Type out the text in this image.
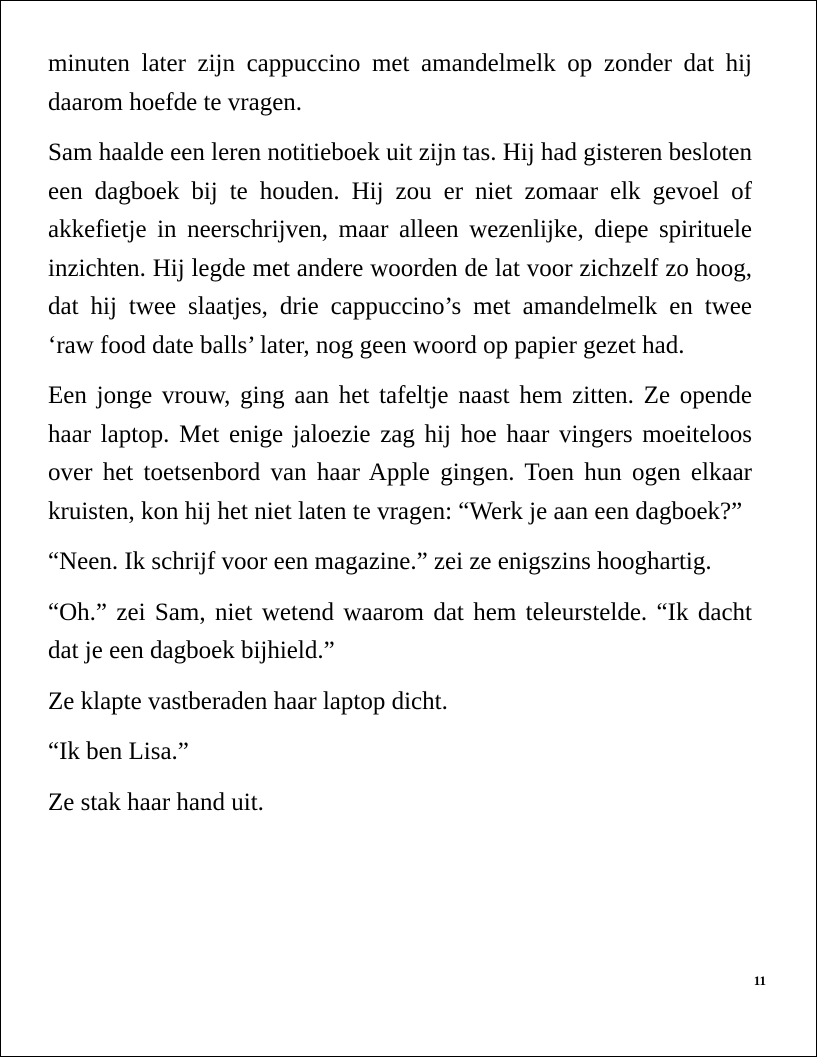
minuten later zijn cappuccino met amandelmelk op zonder dat hij daarom hoefde te vragen.

Sam haalde een leren notitieboek uit zijn tas. Hij had gisteren besloten een dagboek bij te houden. Hij zou er niet zomaar elk gevoel of akkefietje in neerschrijven, maar alleen wezenlijke, diepe spirituele inzichten. Hij legde met andere woorden de lat voor zichzelf zo hoog, dat hij twee slaatjes, drie cappuccino’s met amandelmelk en twee ‘raw food date balls’ later, nog geen woord op papier gezet had.

Een jonge vrouw, ging aan het tafeltje naast hem zitten. Ze opende haar laptop. Met enige jaloezie zag hij hoe haar vingers moeiteloos over het toetsenbord van haar Apple gingen. Toen hun ogen elkaar kruisten, kon hij het niet laten te vragen: “Werk je aan een dagboek?”

“Neen. Ik schrijf voor een magazine.” zei ze enigszins hooghartig.

“Oh.” zei Sam, niet wetend waarom dat hem teleurstelde. “Ik dacht dat je een dagboek bijhield.”

Ze klapte vastberaden haar laptop dicht.

“Ik ben Lisa.”

Ze stak haar hand uit.

11
